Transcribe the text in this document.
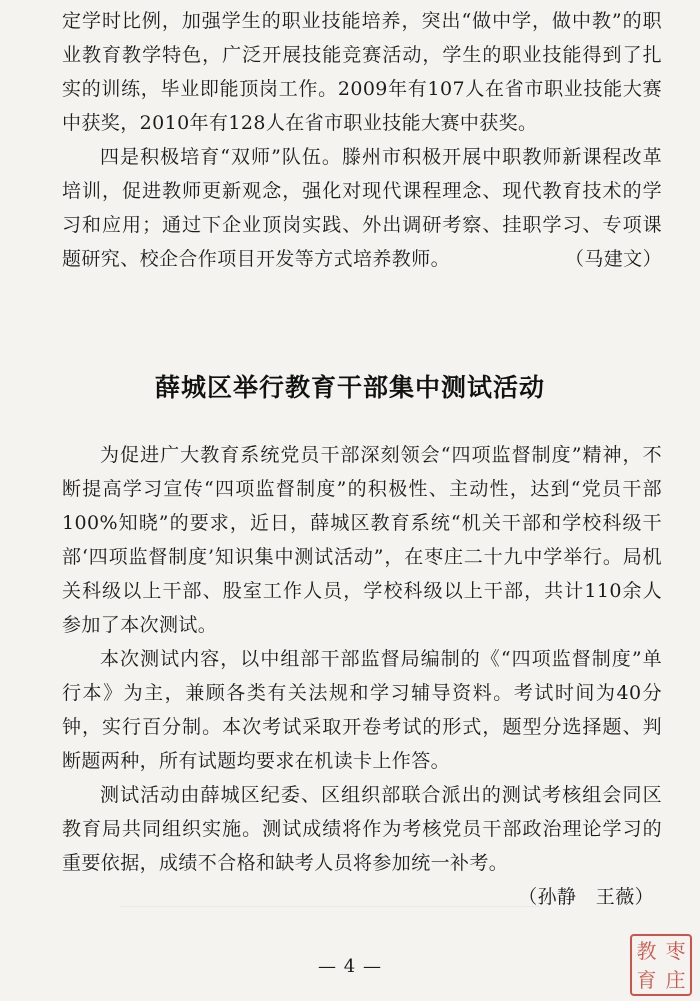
定学时比例，加强学生的职业技能培养，突出“做中学，做中教”的职业教育教学特色，广泛开展技能竞赛活动，学生的职业技能得到了扎实的训练，毕业即能顶岗工作。2009年有107人在省市职业技能大赛中获奖，2010年有128人在省市职业技能大赛中获奖。

四是积极培育“双师”队伍。滕州市积极开展中职教师新课程改革培训，促进教师更新观念，强化对现代课程理念、现代教育技术的学习和应用；通过下企业顶岗实践、外出调研考察、挂职学习、专项课题研究、校企合作项目开发等方式培养教师。	（马建文）

薛城区举行教育干部集中测试活动

为促进广大教育系统党员干部深刻领会“四项监督制度”精神，不断提高学习宣传“四项监督制度”的积极性、主动性，达到“党员干部100%知晓”的要求，近日，薛城区教育系统“机关干部和学校科级干部‘四项监督制度’知识集中测试活动”，在枣庄二十九中学举行。局机关科级以上干部、股室工作人员，学校科级以上干部，共计110余人参加了本次测试。

本次测试内容，以中组部干部监督局编制的《“四项监督制度”单行本》为主，兼顾各类有关法规和学习辅导资料。考试时间为40分钟，实行百分制。本次考试采取开卷考试的形式，题型分选择题、判断题两种，所有试题均要求在机读卡上作答。

测试活动由薛城区纪委、区组织部联合派出的测试考核组会同区教育局共同组织实施。测试成绩将作为考核党员干部政治理论学习的重要依据，成绩不合格和缺考人员将参加统一补考。

（孙静　王薇）

— 4 —
教 枣
育 庄
